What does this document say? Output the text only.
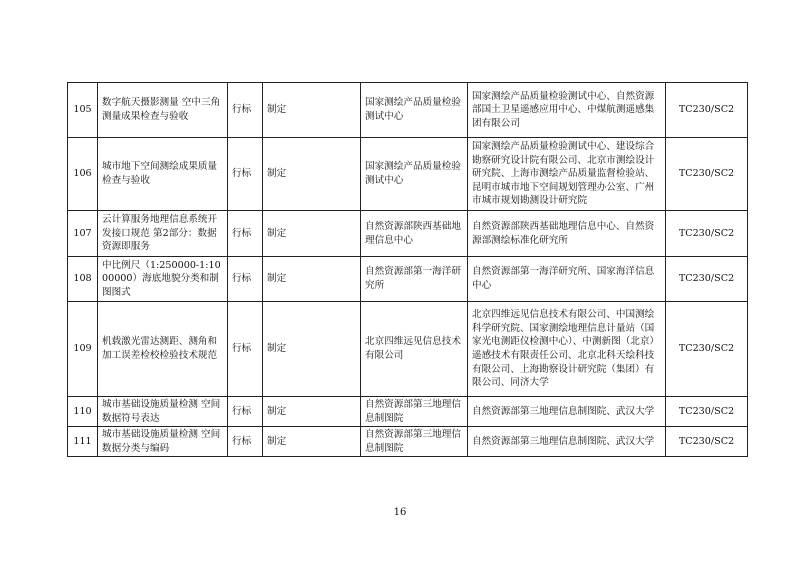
105	数字航天摄影测量 空中三角测量成果检查与验收	行标	制定	国家测绘产品质量检验测试中心	国家测绘产品质量检验测试中心、自然资源部国土卫星遥感应用中心、中煤航测遥感集团有限公司	TC230/SC2
106	城市地下空间测绘成果质量检查与验收	行标	制定	国家测绘产品质量检验测试中心	国家测绘产品质量检验测试中心、建设综合勘察研究设计院有限公司、北京市测绘设计研究院、上海市测绘产品质量监督检验站、昆明市城市地下空间规划管理办公室、广州市城市规划勘测设计研究院	TC230/SC2
107	云计算服务地理信息系统开发接口规范 第2部分：数据资源即服务	行标	制定	自然资源部陕西基础地理信息中心	自然资源部陕西基础地理信息中心、自然资源部测绘标准化研究所	TC230/SC2
108	中比例尺（1:250000-1:1000000）海底地貌分类和制图图式	行标	制定	自然资源部第一海洋研究所	自然资源部第一海洋研究所、国家海洋信息中心	TC230/SC2
109	机载激光雷达测距、测角和加工误差检校检验技术规范	行标	制定	北京四维远见信息技术有限公司	北京四维远见信息技术有限公司、中国测绘科学研究院、国家测绘地理信息计量站（国家光电测距仪检测中心）、中测新图（北京）遥感技术有限责任公司、北京北科天绘科技有限公司、上海勘察设计研究院（集团）有限公司、同济大学	TC230/SC2
110	城市基础设施质量检测 空间数据符号表达	行标	制定	自然资源部第三地理信息制图院	自然资源部第三地理信息制图院、武汉大学	TC230/SC2
111	城市基础设施质量检测 空间数据分类与编码	行标	制定	自然资源部第三地理信息制图院	自然资源部第三地理信息制图院、武汉大学	TC230/SC2
16
